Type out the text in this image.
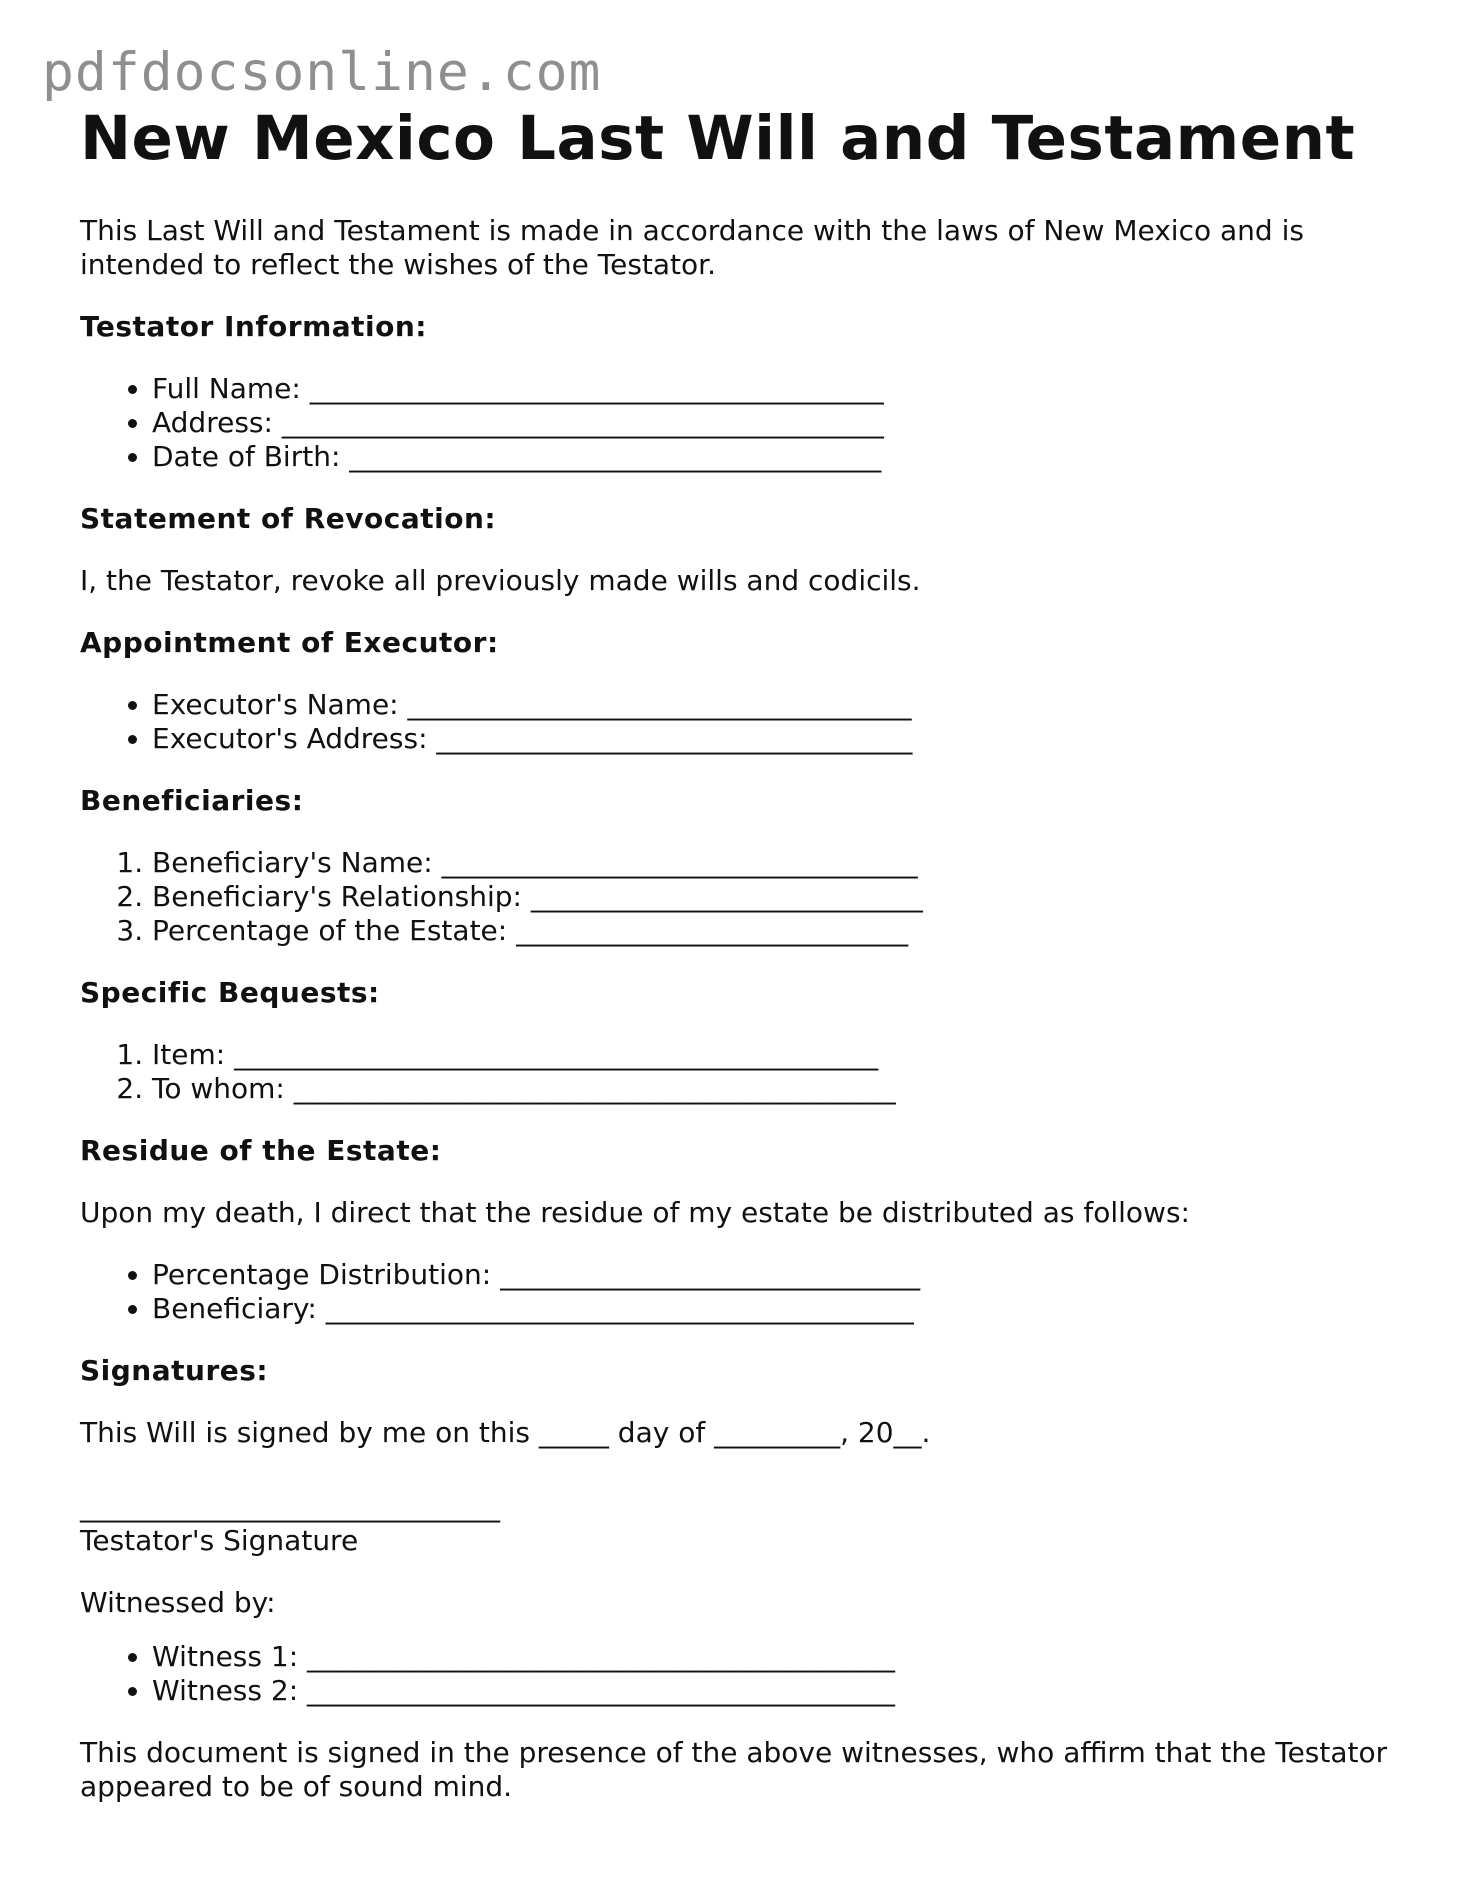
pdfdocsonline.com
New Mexico Last Will and Testament

This Last Will and Testament is made in accordance with the laws of New Mexico and is intended to reflect the wishes of the Testator.

Testator Information:
• Full Name: _________________________________________
• Address: ___________________________________________
• Date of Birth: ______________________________________
Statement of Revocation:

I, the Testator, revoke all previously made wills and codicils.

Appointment of Executor:
• Executor's Name: ____________________________________
• Executor's Address: __________________________________
Beneficiaries:
1. Beneficiary's Name: __________________________________
2. Beneficiary's Relationship: ____________________________
3. Percentage of the Estate: ____________________________
Specific Bequests:
1. Item: ______________________________________________
2. To whom: ___________________________________________
Residue of the Estate:

Upon my death, I direct that the residue of my estate be distributed as follows:

• Percentage Distribution: ______________________________
• Beneficiary: __________________________________________
Signatures:

This Will is signed by me on this _____ day of _________, 20__.

______________________________

Testator's Signature

Witnessed by:

• Witness 1: __________________________________________
• Witness 2: __________________________________________

This document is signed in the presence of the above witnesses, who affirm that the Testator appeared to be of sound mind.
